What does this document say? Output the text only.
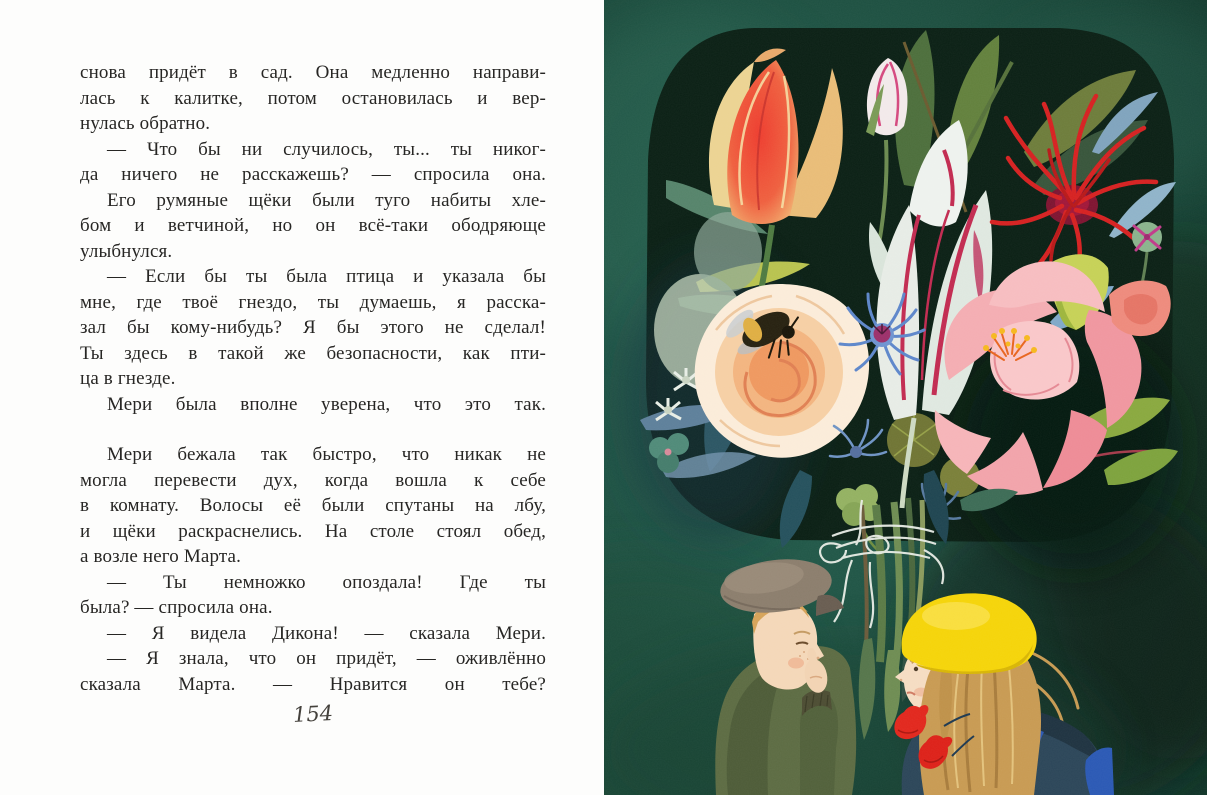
снова придёт в сад. Она медленно направи-
лась к калитке, потом остановилась и вер-
нулась обратно.
— Что бы ни случилось, ты... ты никог-
да ничего не расскажешь? — спросила она.
Его румяные щёки были туго набиты хле-
бом и ветчиной, но он всё-таки ободряюще
улыбнулся.
— Если бы ты была птица и указала бы
мне, где твоё гнездо, ты думаешь, я расска-
зал бы кому-нибудь? Я бы этого не сделал!
Ты здесь в такой же безопасности, как пти-
ца в гнезде.
Мери была вполне уверена, что это так.
Мери бежала так быстро, что никак не
могла перевести дух, когда вошла к себе
в комнату. Волосы её были спутаны на лбу,
и щёки раскраснелись. На столе стоял обед,
а возле него Марта.
— Ты немножко опоздала! Где ты
была? — спросила она.
— Я видела Дикона! — сказала Мери.
— Я знала, что он придёт, — оживлённо
сказала Марта. — Нравится он тебе?
154
